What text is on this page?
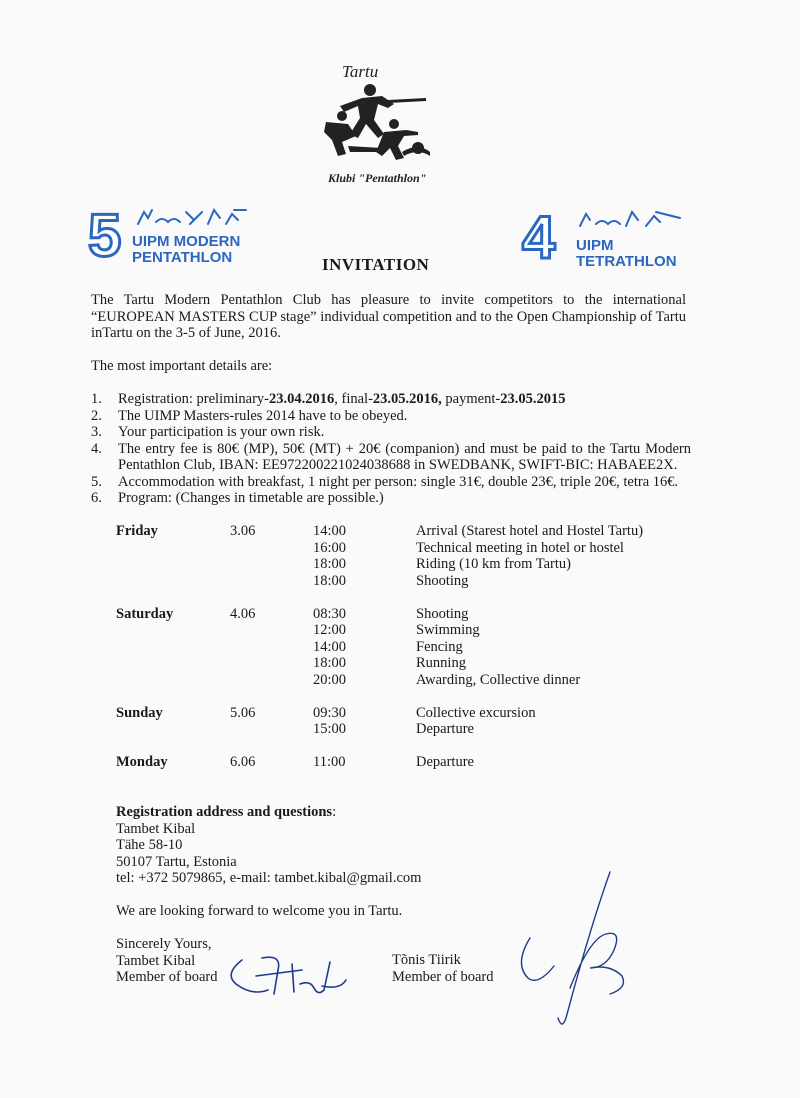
Tartu
Klubi "Pentathlon"
5 UIPM MODERN
PENTATHLON	INVITATION 4 UIPM
TETRATHLON
The Tartu Modern Pentathlon Club has pleasure to invite competitors to the international “EUROPEAN MASTERS CUP stage” individual competition and to the Open Championship of Tartu inTartu on the 3-5 of June, 2016.
The most important details are:
1. Registration: preliminary-23.04.2016, final-23.05.2016, payment-23.05.2015
2. The UIMP Masters-rules 2014 have to be obeyed.
3. Your participation is your own risk.
4. The entry fee is 80€ (MP), 50€ (MT) + 20€ (companion) and must be paid to the Tartu Modern Pentathlon Club, IBAN: EE972200221024038688 in SWEDBANK, SWIFT-BIC: HABAEE2X.
5. Accommodation with breakfast, 1 night per person: single 31€, double 23€, triple 20€, tetra 16€.
6. Program: (Changes in timetable are possible.)
Friday	3.06	14:00	Arrival (Starest hotel and Hostel Tartu)
16:00	Technical meeting in hotel or hostel
18:00	Riding (10 km from Tartu)
18:00	Shooting
Saturday	4.06	08:30	Shooting
12:00	Swimming
14:00	Fencing
18:00	Running
20:00	Awarding, Collective dinner
Sunday	5.06	09:30	Collective excursion
15:00	Departure
Monday	6.06	11:00	Departure
Registration address and questions:
Tambet Kibal
Tähe 58-10
50107 Tartu, Estonia
tel: +372 5079865, e-mail: tambet.kibal@gmail.com
We are looking forward to welcome you in Tartu.
Sincerely Yours,
Tambet Kibal
Member of board
Tõnis Tiirik
Member of board
